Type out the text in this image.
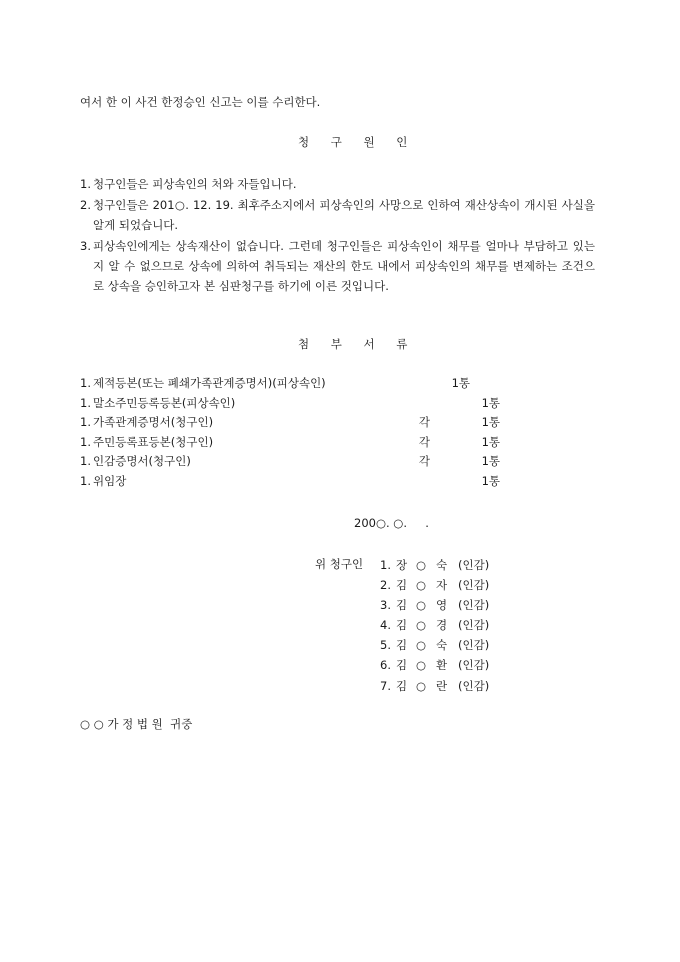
여서 한 이 사건 한정승인 신고는 이를 수리한다.
청 구 원 인
1. 청구인들은 피상속인의 처와 자들입니다.
2. 청구인들은 201○. 12. 19. 최후주소지에서 피상속인의 사망으로 인하여 재산상속이 개시된 사실을 알게 되었습니다.
3. 피상속인에게는 상속재산이 없습니다. 그런데 청구인들은 피상속인이 채무를 얼마나 부담하고 있는지 알 수 없으므로 상속에 의하여 취득되는 재산의 한도 내에서 피상속인의 채무를 변제하는 조건으로 상속을 승인하고자 본 심판청구를 하기에 이른 것입니다.
첨 부 서 류
1. 제적등본(또는 폐쇄가족관계증명서)(피상속인)	1통
1. 말소주민등록등본(피상속인)	1통
1. 가족관계증명서(청구인)	각	1통
1. 주민등록표등본(청구인)	각	1통
1. 인감증명서(청구인)	각	1통
1. 위임장	1통
200○. ○.     .
위 청구인 1. 장 ○ 숙 (인감)
2. 김 ○ 자 (인감)
3. 김 ○ 영 (인감)
4. 김 ○ 경 (인감)
5. 김 ○ 숙 (인감)
6. 김 ○ 환 (인감)
7. 김 ○ 란 (인감)
○ ○ 가 정 법 원  귀중
